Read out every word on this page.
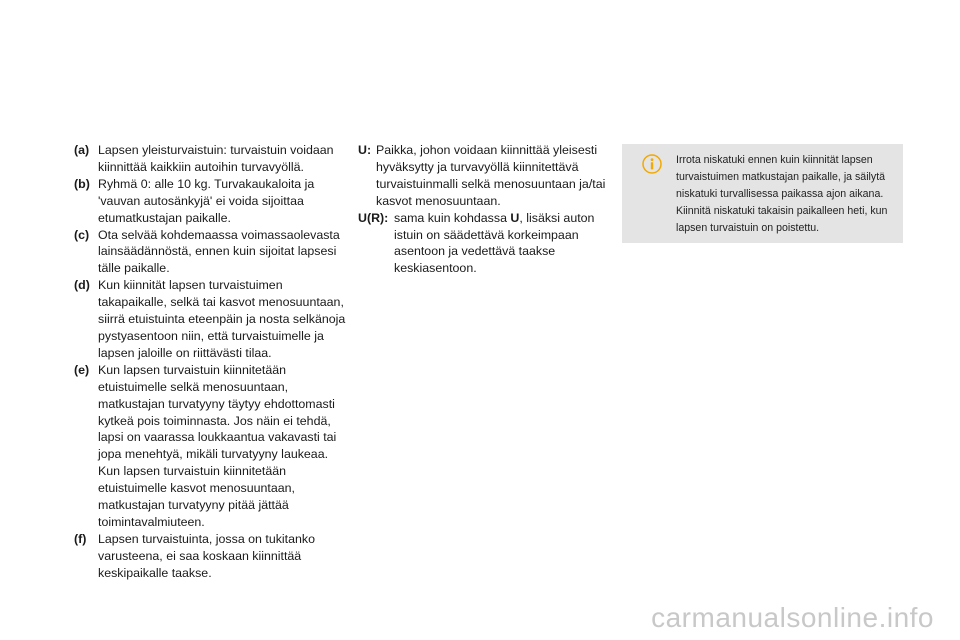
(a) Lapsen yleisturvaistuin: turvaistuin voidaan kiinnittää kaikkiin autoihin turvavyöllä.
(b) Ryhmä 0: alle 10 kg. Turvakaukaloita ja 'vauvan autosänkyjä' ei voida sijoittaa etumatkustajan paikalle.
(c) Ota selvää kohdemaassa voimassaolevasta lainsäädännöstä, ennen kuin sijoitat lapsesi tälle paikalle.
(d) Kun kiinnität lapsen turvaistuimen takapaikalle, selkä tai kasvot menosuuntaan, siirrä etuistuinta eteenpäin ja nosta selkänoja pystyasentoon niin, että turvaistuimelle ja lapsen jaloille on riittävästi tilaa.
(e) Kun lapsen turvaistuin kiinnitetään etuistuimelle selkä menosuuntaan, matkustajan turvatyyny täytyy ehdottomasti kytkeä pois toiminnasta. Jos näin ei tehdä, lapsi on vaarassa loukkaantua vakavasti tai jopa menehtyä, mikäli turvatyyny laukeaa. Kun lapsen turvaistuin kiinnitetään etuistuimelle kasvot menosuuntaan, matkustajan turvatyyny pitää jättää toimintavalmiuteen.
(f) Lapsen turvaistuinta, jossa on tukitanko varusteena, ei saa koskaan kiinnittää keskipaikalle taakse.
U: Paikka, johon voidaan kiinnittää yleisesti hyväksytty ja turvavyöllä kiinnitettävä turvaistuinmalli selkä menosuuntaan ja/tai kasvot menosuuntaan.
U(R): sama kuin kohdassa U, lisäksi auton istuin on säädettävä korkeimpaan asentoon ja vedettävä taakse keskiasentoon.
Irrota niskatuki ennen kuin kiinnität lapsen turvaistuimen matkustajan paikalle, ja säilytä niskatuki turvallisessa paikassa ajon aikana. Kiinnitä niskatuki takaisin paikalleen heti, kun lapsen turvaistuin on poistettu.
carmanualsonline.info
